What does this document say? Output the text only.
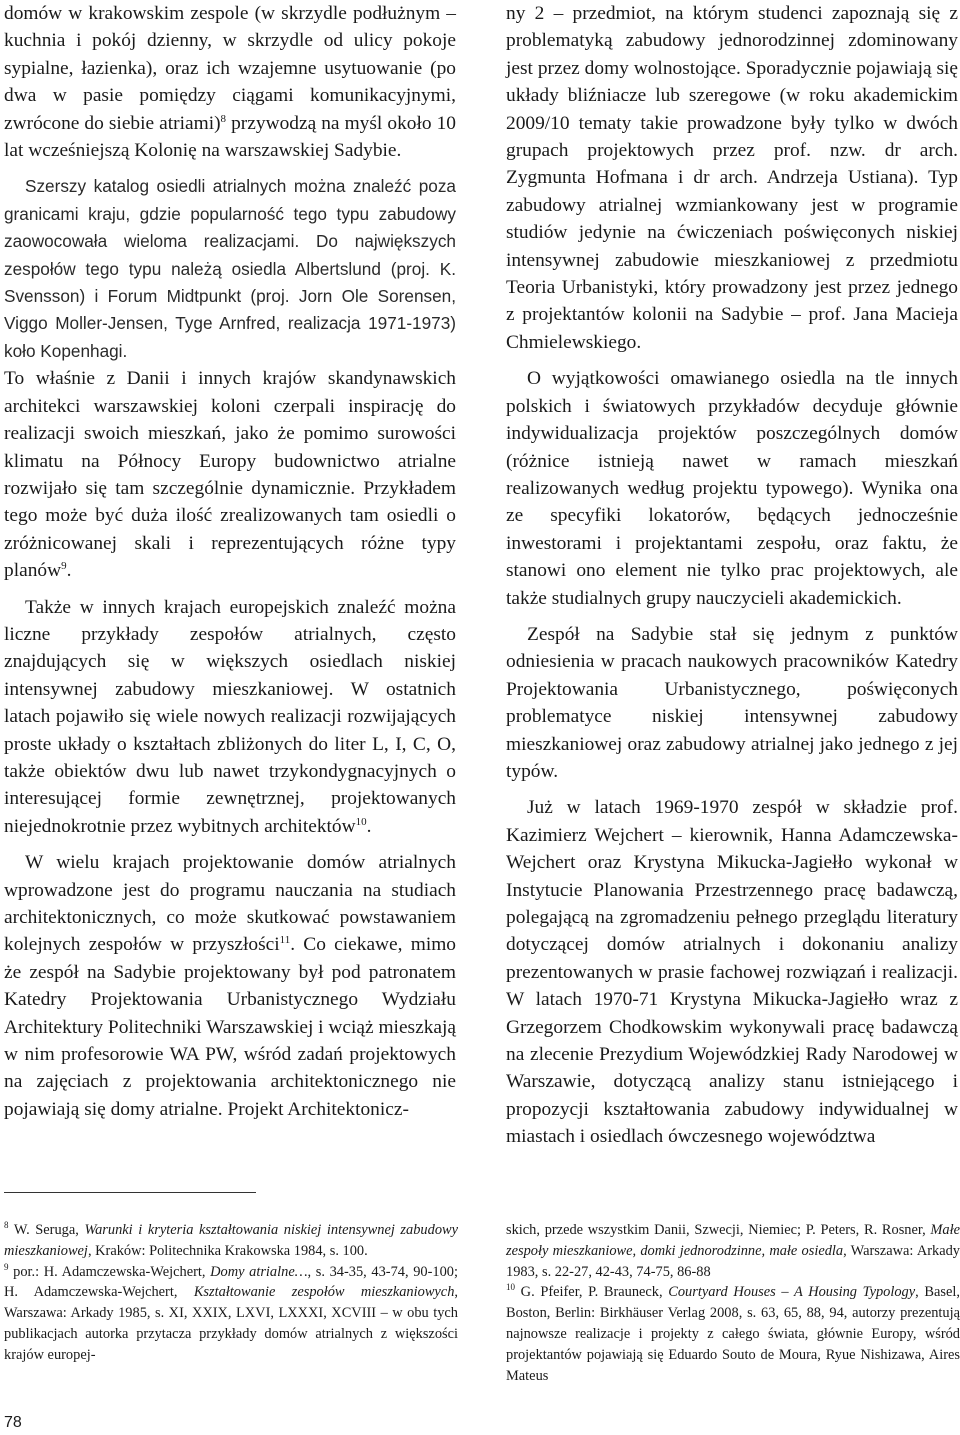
domów w krakowskim zespole (w skrzydle podłużnym – kuchnia i pokój dzienny, w skrzydle od ulicy pokoje sypialne, łazienka), oraz ich wzajemne usytuowanie (po dwa w pasie pomiędzy ciągami komunikacyjnymi, zwrócone do siebie atriami)$^8$ przywodzą na myśl około 10 lat wcześniejszą Kolonię na warszawskiej Sadybie.

Szerszy katalog osiedli atrialnych można znaleźć poza granicami kraju, gdzie popularność tego typu zabudowy zaowocowała wieloma realizacjami. Do największych zespołów tego typu należą osiedla Albertslund (proj. K. Svensson) i Forum Midtpunkt (proj. Jorn Ole Sorensen, Viggo Moller-Jensen, Tyge Arnfred, realizacja 1971-1973) koło Kopenhagi.

To właśnie z Danii i innych krajów skandynawskich architekci warszawskiej koloni czerpali inspirację do realizacji swoich mieszkań, jako że pomimo surowości klimatu na Północy Europy budownictwo atrialne rozwijało się tam szczególnie dynamicznie. Przykładem tego może być duża ilość zrealizowanych tam osiedli o zróżnicowanej skali i reprezentujących różne typy planów$^9$.

Także w innych krajach europejskich znaleźć można liczne przykłady zespołów atrialnych, często znajdujących się w większych osiedlach niskiej intensywnej zabudowy mieszkaniowej. W ostatnich latach pojawiło się wiele nowych realizacji rozwijających proste układy o kształtach zbliżonych do liter L, I, C, O, także obiektów dwu lub nawet trzykondygnacyjnych o interesującej formie zewnętrznej, projektowanych niejednokrotnie przez wybitnych architektów$^{10}$.

W wielu krajach projektowanie domów atrialnych wprowadzone jest do programu nauczania na studiach architektonicznych, co może skutkować powstawaniem kolejnych zespołów w przyszłości$^{11}$. Co ciekawe, mimo że zespół na Sadybie projektowany był pod patronatem Katedry Projektowania Urbanistycznego Wydziału Architektury Politechniki Warszawskiej i wciąż mieszkają w nim profesorowie WA PW, wśród zadań projektowych na zajęciach z projektowania architektonicznego nie pojawiają się domy atrialne. Projekt Architektonicz-

ny 2 – przedmiot, na którym studenci zapoznają się z problematyką zabudowy jednorodzinnej zdominowany jest przez domy wolnostojące. Sporadycznie pojawiają się układy bliźniacze lub szeregowe (w roku akademickim 2009/10 tematy takie prowadzone były tylko w dwóch grupach projektowych przez prof. nzw. dr arch. Zygmunta Hofmana i dr arch. Andrzeja Ustiana). Typ zabudowy atrialnej wzmiankowany jest w programie studiów jedynie na ćwiczeniach poświęconych niskiej intensywnej zabudowie mieszkaniowej z przedmiotu Teoria Urbanistyki, który prowadzony jest przez jednego z projektantów kolonii na Sadybie – prof. Jana Macieja Chmielewskiego.

O wyjątkowości omawianego osiedla na tle innych polskich i światowych przykładów decyduje głównie indywidualizacja projektów poszczególnych domów (różnice istnieją nawet w ramach mieszkań realizowanych według projektu typowego). Wynika ona ze specyfiki lokatorów, będących jednocześnie inwestorami i projektantami zespołu, oraz faktu, że stanowi ono element nie tylko prac projektowych, ale także studialnych grupy nauczycieli akademickich.

Zespół na Sadybie stał się jednym z punktów odniesienia w pracach naukowych pracowników Katedry Projektowania Urbanistycznego, poświęconych problematyce niskiej intensywnej zabudowy mieszkaniowej oraz zabudowy atrialnej jako jednego z jej typów.

Już w latach 1969-1970 zespół w składzie prof. Kazimierz Wejchert – kierownik, Hanna Adamczewska-Wejchert oraz Krystyna Mikucka-Jagiełło wykonał w Instytucie Planowania Przestrzennego pracę badawczą, polegającą na zgromadzeniu pełnego przeglądu literatury dotyczącej domów atrialnych i dokonaniu analizy prezentowanych w prasie fachowej rozwiązań i realizacji. W latach 1970-71 Krystyna Mikucka-Jagiełło wraz z Grzegorzem Chodkowskim wykonywali pracę badawczą na zlecenie Prezydium Wojewódzkiej Rady Narodowej w Warszawie, dotyczącą analizy stanu istniejącego i propozycji kształtowania zabudowy indywidualnej w miastach i osiedlach ówczesnego województwa

$^8$ W. Seruga, Warunki i kryteria kształtowania niskiej intensywnej zabudowy mieszkaniowej, Kraków: Politechnika Krakowska 1984, s. 100.

$^9$ por.: H. Adamczewska-Wejchert, Domy atrialne…, s. 34-35, 43-74, 90-100; H. Adamczewska-Wejchert, Kształtowanie zespołów mieszkaniowych, Warszawa: Arkady 1985, s. XI, XXIX, LXVI, LXXXI, XCVIII – w obu tych publikacjach autorka przytacza przykłady domów atrialnych z większości krajów europej-

skich, przede wszystkim Danii, Szwecji, Niemiec; P. Peters, R. Rosner, Małe zespoły mieszkaniowe, domki jednorodzinne, małe osiedla, Warszawa: Arkady 1983, s. 22-27, 42-43, 74-75, 86-88

$^{10}$ G. Pfeifer, P. Brauneck, Courtyard Houses – A Housing Typology, Basel, Boston, Berlin: Birkhäuser Verlag 2008, s. 63, 65, 88, 94, autorzy prezentują najnowsze realizacje i projekty z całego świata, głównie Europy, wśród projektantów pojawiają się Eduardo Souto de Moura, Ryue Nishizawa, Aires Mateus

78
